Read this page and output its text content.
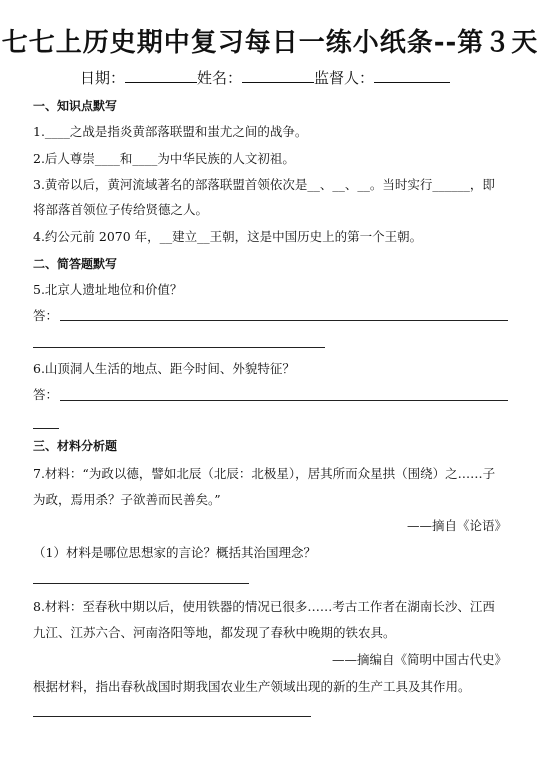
七七上历史期中复习每日一练小纸条--第３天
日期：	姓名：	监督人：
一、知识点默写
1.____之战是指炎黄部落联盟和蚩尤之间的战争。
2.后人尊崇____和____为中华民族的人文初祖。
3.黄帝以后，黄河流域著名的部落联盟首领依次是__、__、__。当时实行______，即
将部落首领位子传给贤德之人。
4.约公元前 2070 年，__建立__王朝，这是中国历史上的第一个王朝。
二、简答题默写
5.北京人遗址地位和价值？
答：
6.山顶洞人生活的地点、距今时间、外貌特征？
答：
三、材料分析题
7.材料：“为政以德，譬如北辰（北辰：北极星），居其所而众星拱（围绕）之……子
为政，焉用杀？子欲善而民善矣。”
——摘自《论语》
（1）材料是哪位思想家的言论？概括其治国理念？
8.材料：至春秋中期以后，使用铁器的情况已很多……考古工作者在湖南长沙、江西
九江、江苏六合、河南洛阳等地，都发现了春秋中晚期的铁农具。
——摘编自《简明中国古代史》
根据材料，指出春秋战国时期我国农业生产领域出现的新的生产工具及其作用。
